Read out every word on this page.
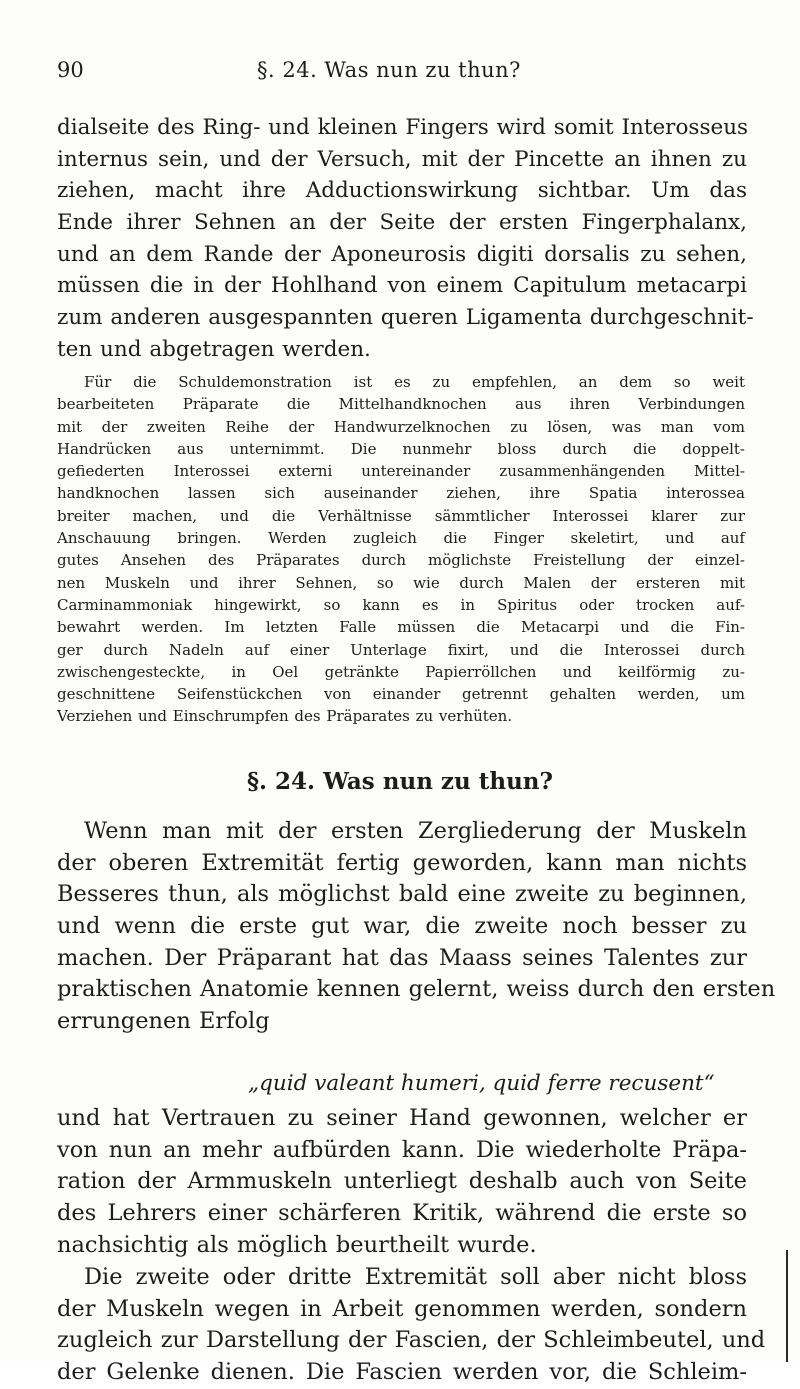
90	§. 24. Was nun zu thun?
dialseite des Ring- und kleinen Fingers wird somit Interosseus
internus sein, und der Versuch, mit der Pincette an ihnen zu
ziehen, macht ihre Adductionswirkung sichtbar. Um das
Ende ihrer Sehnen an der Seite der ersten Fingerphalanx,
und an dem Rande der Aponeurosis digiti dorsalis zu sehen,
müssen die in der Hohlhand von einem Capitulum metacarpi
zum anderen ausgespannten queren Ligamenta durchgeschnit-
ten und abgetragen werden.
Für die Schuldemonstration ist es zu empfehlen, an dem so weit
bearbeiteten Präparate die Mittelhandknochen aus ihren Verbindungen
mit der zweiten Reihe der Handwurzelknochen zu lösen, was man vom
Handrücken aus unternimmt. Die nunmehr bloss durch die doppelt-
gefiederten Interossei externi untereinander zusammenhängenden Mittel-
handknochen lassen sich auseinander ziehen, ihre Spatia interossea
breiter machen, und die Verhältnisse sämmtlicher Interossei klarer zur
Anschauung bringen. Werden zugleich die Finger skeletirt, und auf
gutes Ansehen des Präparates durch möglichste Freistellung der einzel-
nen Muskeln und ihrer Sehnen, so wie durch Malen der ersteren mit
Carminammoniak hingewirkt, so kann es in Spiritus oder trocken auf-
bewahrt werden. Im letzten Falle müssen die Metacarpi und die Fin-
ger durch Nadeln auf einer Unterlage fixirt, und die Interossei durch
zwischengesteckte, in Oel getränkte Papierröllchen und keilförmig zu-
geschnittene Seifenstückchen von einander getrennt gehalten werden, um
Verziehen und Einschrumpfen des Präparates zu verhüten.
§. 24. Was nun zu thun?
Wenn man mit der ersten Zergliederung der Muskeln
der oberen Extremität fertig geworden, kann man nichts
Besseres thun, als möglichst bald eine zweite zu beginnen,
und wenn die erste gut war, die zweite noch besser zu
machen. Der Präparant hat das Maass seines Talentes zur
praktischen Anatomie kennen gelernt, weiss durch den ersten
errungenen Erfolg
„quid valeant humeri, quid ferre recusent“
und hat Vertrauen zu seiner Hand gewonnen, welcher er
von nun an mehr aufbürden kann. Die wiederholte Präpa-
ration der Armmuskeln unterliegt deshalb auch von Seite
des Lehrers einer schärferen Kritik, während die erste so
nachsichtig als möglich beurtheilt wurde.
Die zweite oder dritte Extremität soll aber nicht bloss
der Muskeln wegen in Arbeit genommen werden, sondern
zugleich zur Darstellung der Fascien, der Schleimbeutel, und
der Gelenke dienen. Die Fascien werden vor, die Schleim-
